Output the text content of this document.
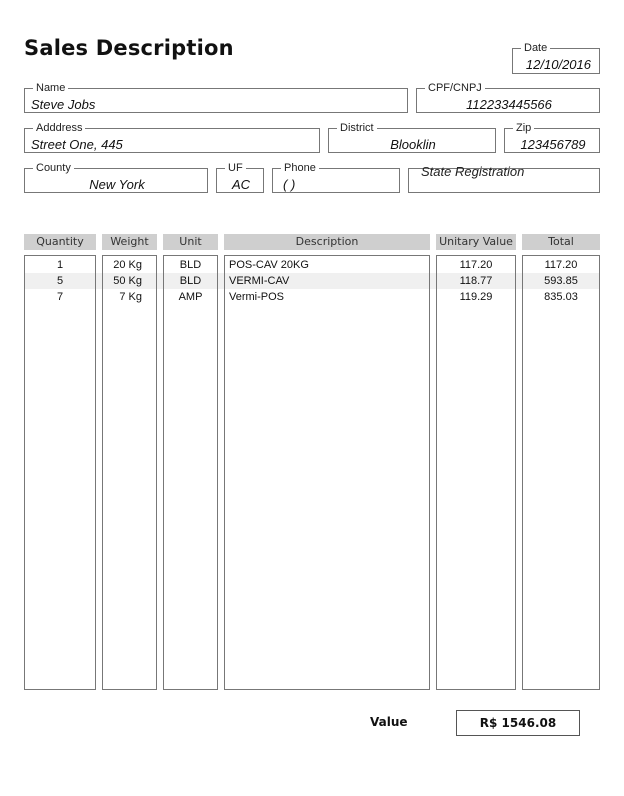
Sales Description	Date
12/10/2016
Name
Steve Jobs
CPF/CNPJ
112233445566
Adddress
Street One, 445
District
Blooklin
Zip
123456789
County
New York
UF
AC
Phone
( )
State Registration
Quantity	Weight	Unit	Description	Unitary Value	Total
1	20 Kg	BLD	POS-CAV 20KG	117.20	117.20
5	50 Kg	BLD	VERMI-CAV	118.77	593.85
7	7 Kg	AMP	Vermi-POS	119.29	835.03
Value	R$ 1546.08
